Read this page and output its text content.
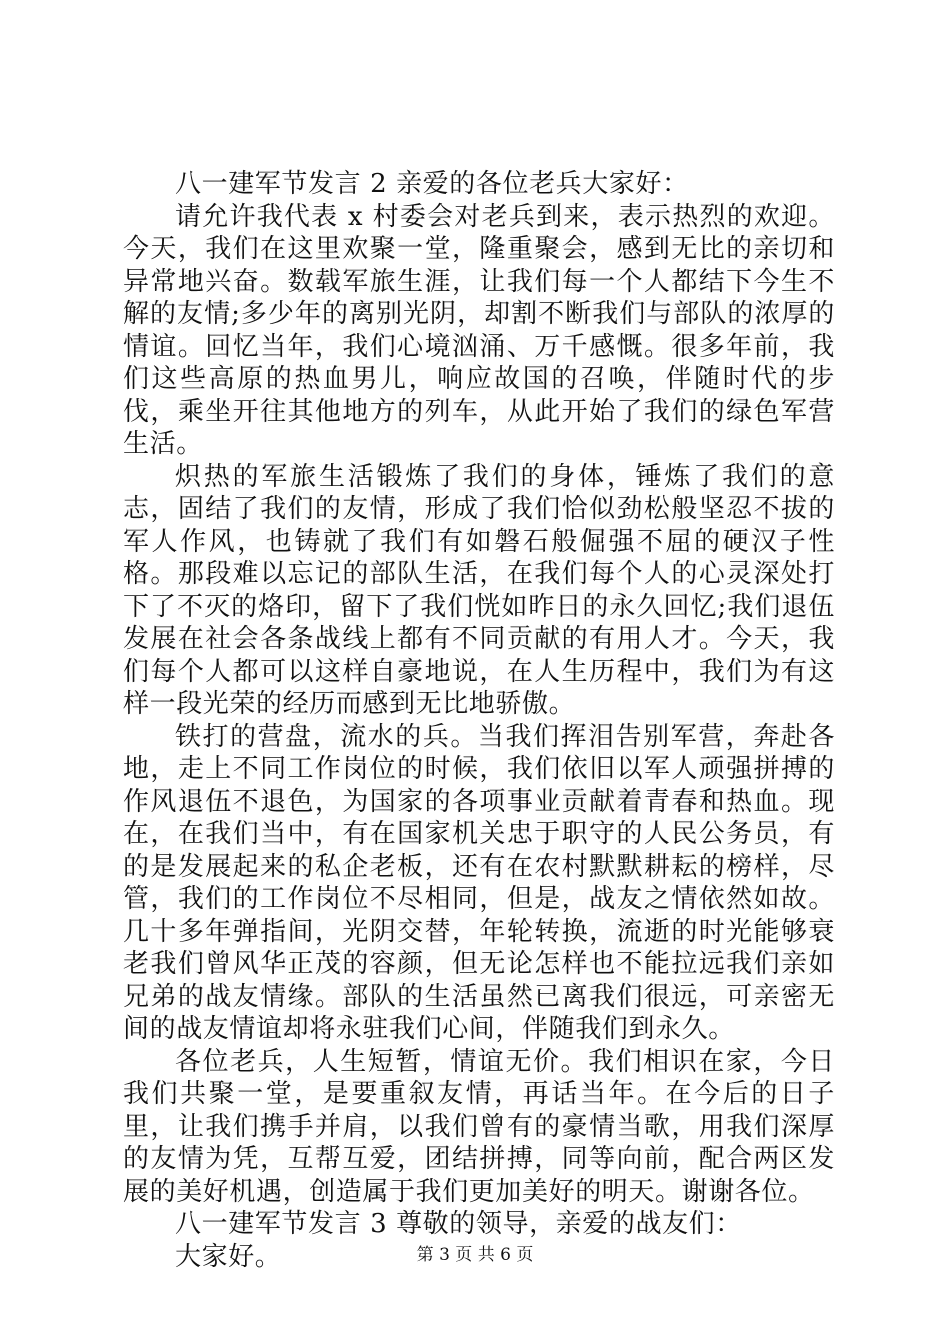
八一建军节发言 2 亲爱的各位老兵大家好：

请允许我代表 x 村委会对老兵到来，表示热烈的欢迎。今天，我们在这里欢聚一堂，隆重聚会，感到无比的亲切和异常地兴奋。数载军旅生涯，让我们每一个人都结下今生不解的友情;多少年的离别光阴，却割不断我们与部队的浓厚的情谊。回忆当年，我们心境汹涌、万千感慨。很多年前，我们这些高原的热血男儿，响应故国的召唤，伴随时代的步伐，乘坐开往其他地方的列车，从此开始了我们的绿色军营生活。

炽热的军旅生活锻炼了我们的身体，锤炼了我们的意志，固结了我们的友情，形成了我们恰似劲松般坚忍不拔的军人作风，也铸就了我们有如磐石般倔强不屈的硬汉子性格。那段难以忘记的部队生活，在我们每个人的心灵深处打下了不灭的烙印，留下了我们恍如昨日的永久回忆;我们退伍发展在社会各条战线上都有不同贡献的有用人才。今天，我们每个人都可以这样自豪地说，在人生历程中，我们为有这样一段光荣的经历而感到无比地骄傲。

铁打的营盘，流水的兵。当我们挥泪告别军营，奔赴各地，走上不同工作岗位的时候，我们依旧以军人顽强拼搏的作风退伍不退色，为国家的各项事业贡献着青春和热血。现在，在我们当中，有在国家机关忠于职守的人民公务员，有的是发展起来的私企老板，还有在农村默默耕耘的榜样，尽管，我们的工作岗位不尽相同，但是，战友之情依然如故。几十多年弹指间，光阴交替，年轮转换，流逝的时光能够衰老我们曾风华正茂的容颜，但无论怎样也不能拉远我们亲如兄弟的战友情缘。部队的生活虽然已离我们很远，可亲密无间的战友情谊却将永驻我们心间，伴随我们到永久。

各位老兵，人生短暂，情谊无价。我们相识在家，今日我们共聚一堂，是要重叙友情，再话当年。在今后的日子里，让我们携手并肩，以我们曾有的豪情当歌，用我们深厚的友情为凭，互帮互爱，团结拼搏，同等向前，配合两区发展的美好机遇，创造属于我们更加美好的明天。谢谢各位。

八一建军节发言 3 尊敬的领导，亲爱的战友们：

大家好。	第 3 页 共 6 页
